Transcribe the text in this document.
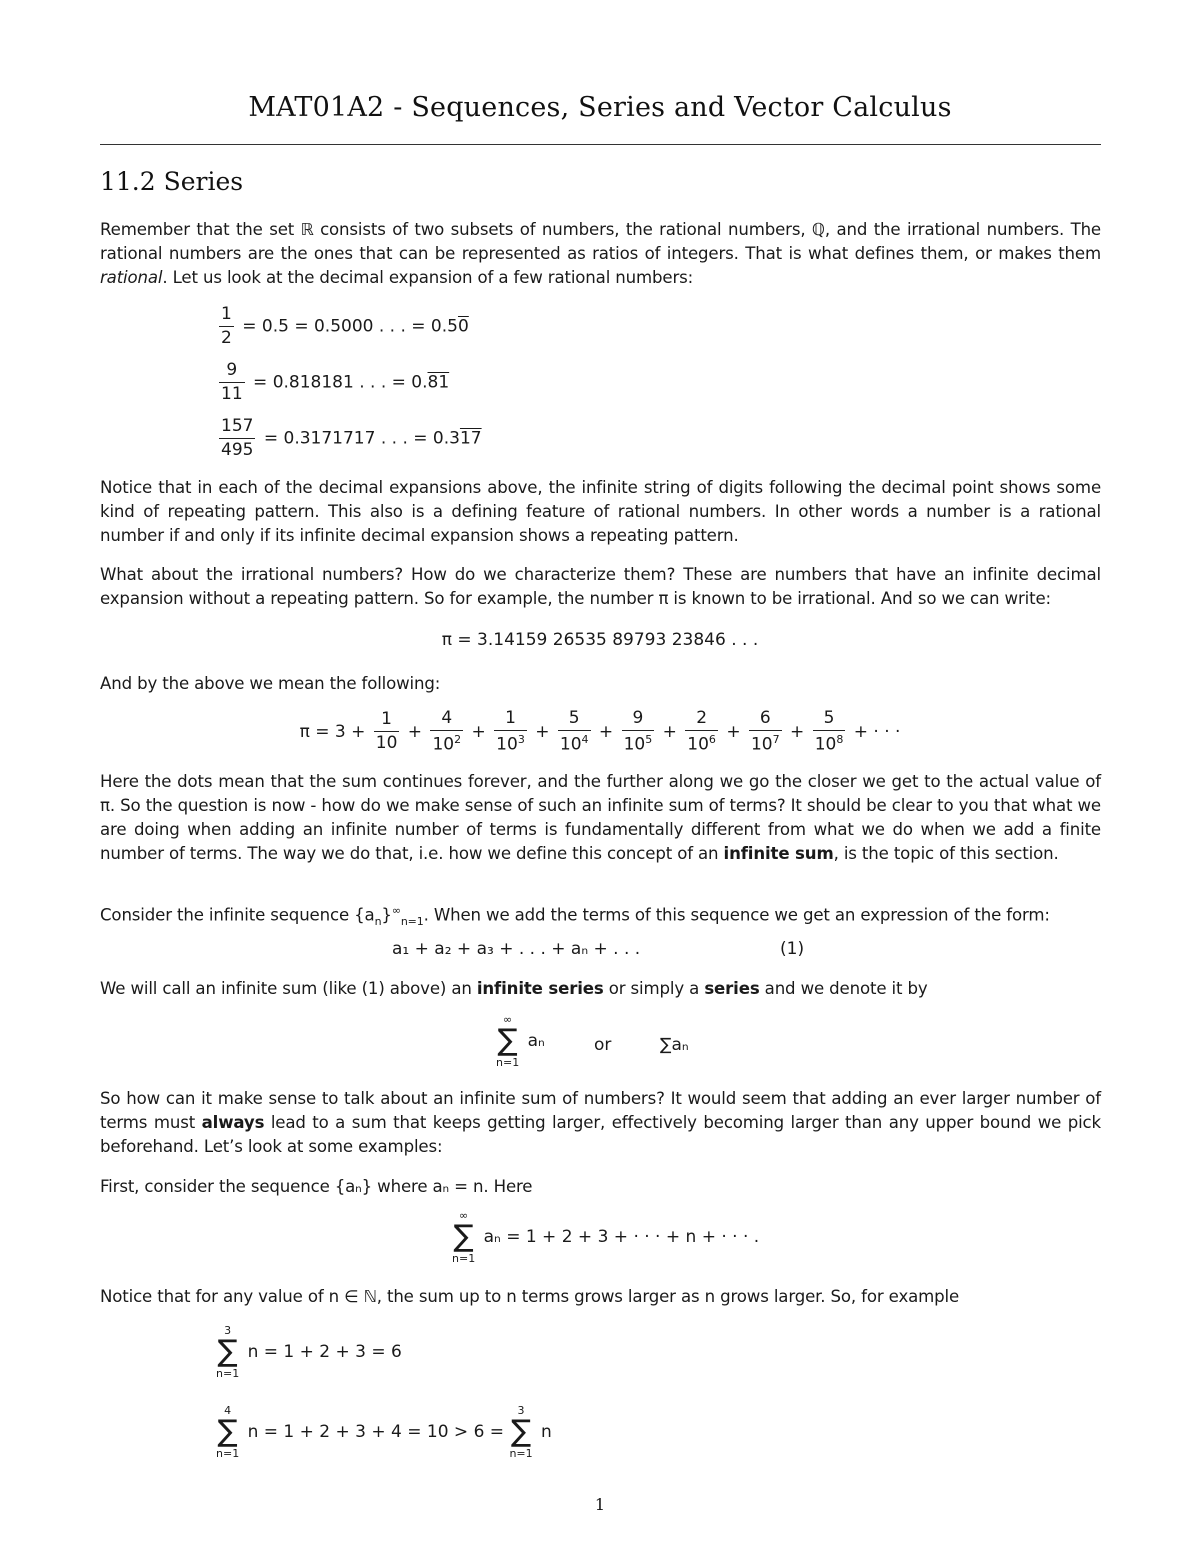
MAT01A2 - Sequences, Series and Vector Calculus
11.2 Series
Remember that the set ℝ consists of two subsets of numbers, the rational numbers, ℚ, and the irrational numbers. The rational numbers are the ones that can be represented as ratios of integers. That is what defines them, or makes them rational. Let us look at the decimal expansion of a few rational numbers:
$\frac{1}{2} = 0.5 = 0.5000$ . . . = 0.50
$\frac{9}{11} = 0.818181$ . . . = 0.81
$\frac{157}{495} = 0.3171717$ . . . = 0.317
Notice that in each of the decimal expansions above, the infinite string of digits following the decimal point shows some kind of repeating pattern. This also is a defining feature of rational numbers. In other words a number is a rational number if and only if its infinite decimal expansion shows a repeating pattern.
What about the irrational numbers? How do we characterize them? These are numbers that have an infinite decimal expansion without a repeating pattern. So for example, the number π is known to be irrational. And so we can write:
π = 3.14159 26535 89793 23846 . . .
And by the above we mean the following:
$\pi = 3 + \frac{1}{10} + \frac{4}{10^2} + \frac{1}{10^3} + \frac{5}{10^4} + \frac{9}{10^5} + \frac{2}{10^6} + \frac{6}{10^7} + \frac{5}{10^8}$ + · · ·
Here the dots mean that the sum continues forever, and the further along we go the closer we get to the actual value of π. So the question is now - how do we make sense of such an infinite sum of terms? It should be clear to you that what we are doing when adding an infinite number of terms is fundamentally different from what we do when we add a finite number of terms. The way we do that, i.e. how we define this concept of an infinite sum, is the topic of this section.
Consider the infinite sequence $\{a_n\}^\infty_{n=1}$. When we add the terms of this sequence we get an expression of the form:
a₁ + a₂ + a₃ + . . . + aₙ + . . .	(1)
We will call an infinite sum (like (1) above) an infinite series or simply a series and we denote it by
∞
∑
n=1
aₙ	or	∑aₙ
So how can it make sense to talk about an infinite sum of numbers? It would seem that adding an ever larger number of terms must always lead to a sum that keeps getting larger, effectively becoming larger than any upper bound we pick beforehand. Let’s look at some examples:
First, consider the sequence {aₙ} where aₙ = n. Here
∞
∑
n=1
aₙ = 1 + 2 + 3 + · · · + n + · · · .
Notice that for any value of n ∈ ℕ, the sum up to n terms grows larger as n grows larger. So, for example
3
∑
n=1
n = 1 + 2 + 3 = 6
4
∑
n=1
n = 1 + 2 + 3 + 4 = 10 > 6 =
3
∑
n=1
n
1
